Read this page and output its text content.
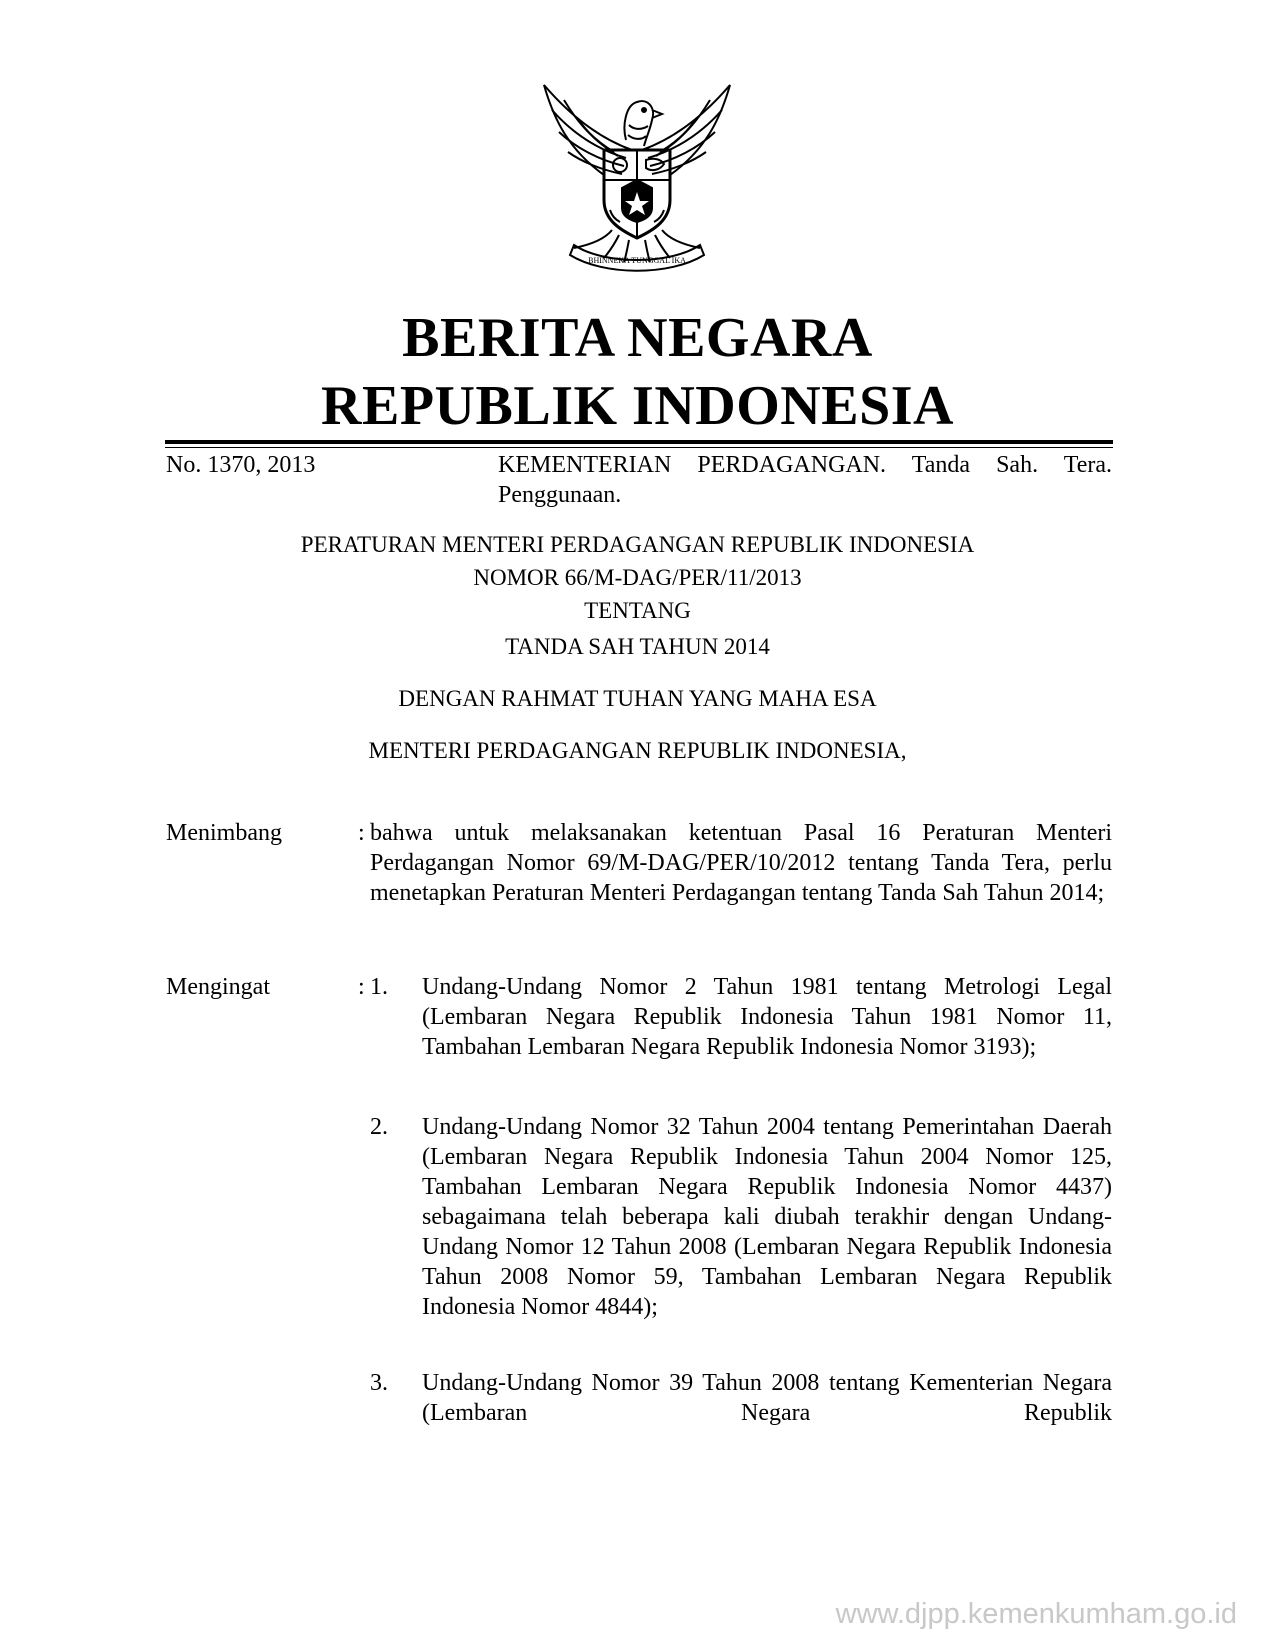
BHINNEKA TUNGGAL IKA
BERITA NEGARA
REPUBLIK INDONESIA
No. 1370, 2013	KEMENTERIAN PERDAGANGAN. Tanda Sah. Tera. Penggunaan.
PERATURAN MENTERI PERDAGANGAN REPUBLIK INDONESIA
NOMOR 66/M-DAG/PER/11/2013
TENTANG
TANDA SAH TAHUN 2014
DENGAN RAHMAT TUHAN YANG MAHA ESA
MENTERI PERDAGANGAN REPUBLIK INDONESIA,
Menimbang	: bahwa untuk melaksanakan ketentuan Pasal 16 Peraturan Menteri Perdagangan Nomor 69/M-DAG/PER/10/2012 tentang Tanda Tera, perlu menetapkan Peraturan Menteri Perdagangan tentang Tanda Sah Tahun 2014;
Mengingat	: 1. Undang-Undang Nomor 2 Tahun 1981 tentang Metrologi Legal (Lembaran Negara Republik Indonesia Tahun 1981 Nomor 11, Tambahan Lembaran Negara Republik Indonesia Nomor 3193);
2. Undang-Undang Nomor 32 Tahun 2004 tentang Pemerintahan Daerah (Lembaran Negara Republik Indonesia Tahun 2004 Nomor 125, Tambahan Lembaran Negara Republik Indonesia Nomor 4437) sebagaimana telah beberapa kali diubah terakhir dengan Undang-Undang Nomor 12 Tahun 2008 (Lembaran Negara Republik Indonesia Tahun 2008 Nomor 59, Tambahan Lembaran Negara Republik Indonesia Nomor 4844);
3. Undang-Undang Nomor 39 Tahun 2008 tentang Kementerian Negara (Lembaran Negara Republik
www.djpp.kemenkumham.go.id
